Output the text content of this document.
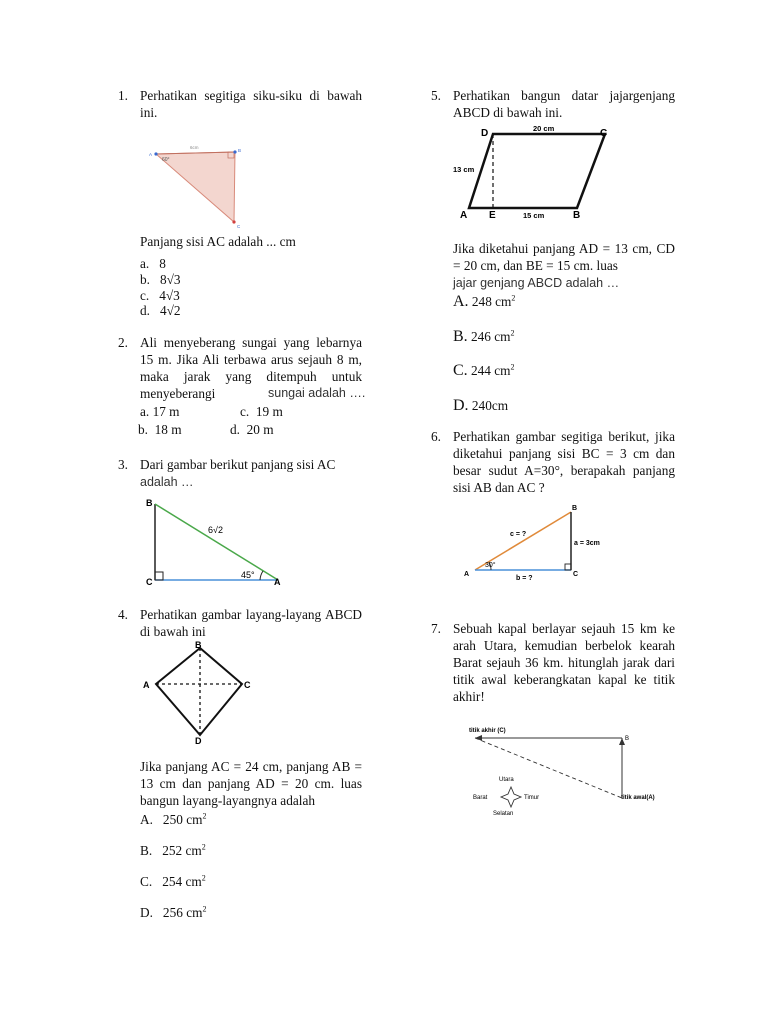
1. Perhatikan segitiga siku-siku di bawah ini.
6cm
60°
A
B
C
Panjang sisi AC adalah ... cm
a. 8
b. 8√3
c. 4√3
d. 4√2
2. Ali menyeberang sungai yang lebarnya 15 m. Jika Ali terbawa arus sejauh 8 m, maka jarak yang ditempuh untuk menyeberangi	sungai adalah ….
a. 17 m	c. 19 m
b. 18 m	d. 20 m
3. Dari gambar berikut panjang sisi AC
adalah …
B
C	A
6√2
45°
4. Perhatikan gambar layang-layang ABCD di bawah ini
B
A	C
D
Jika panjang AC = 24 cm, panjang AB = 13 cm dan panjang AD = 20 cm. luas bangun layang-layangnya adalah
A. 250 $cm^2$
B. 252 $cm^2$
C. 254 $cm^2$
D. 256 $cm^2$
5. Perhatikan bangun datar jajargenjang ABCD di bawah ini.
D	C
A E	B
20 cm
13 cm
15 cm
Jika diketahui panjang AD = 13 cm, CD = 20 cm, dan BE = 15 cm. luas
jajar genjang ABCD adalah …
A. 248 $cm^2$
B. 246 $cm^2$
C. 244 $cm^2$
D. 240cm
6. Perhatikan gambar segitiga berikut, jika diketahui panjang sisi BC = 3 cm dan besar sudut A=30°, berapakah panjang sisi AB dan AC ?
B
A	C
c = ?
a = 3cm
b = ?
30°
7. Sebuah kapal berlayar sejauh 15 km ke arah Utara, kemudian berbelok kearah Barat sejauh 36 km. hitunglah jarak dari titik awal keberangkatan kapal ke titik akhir!
titik akhir (C)
B
titik awal(A)
Utara
Barat	Timur
Selatan
